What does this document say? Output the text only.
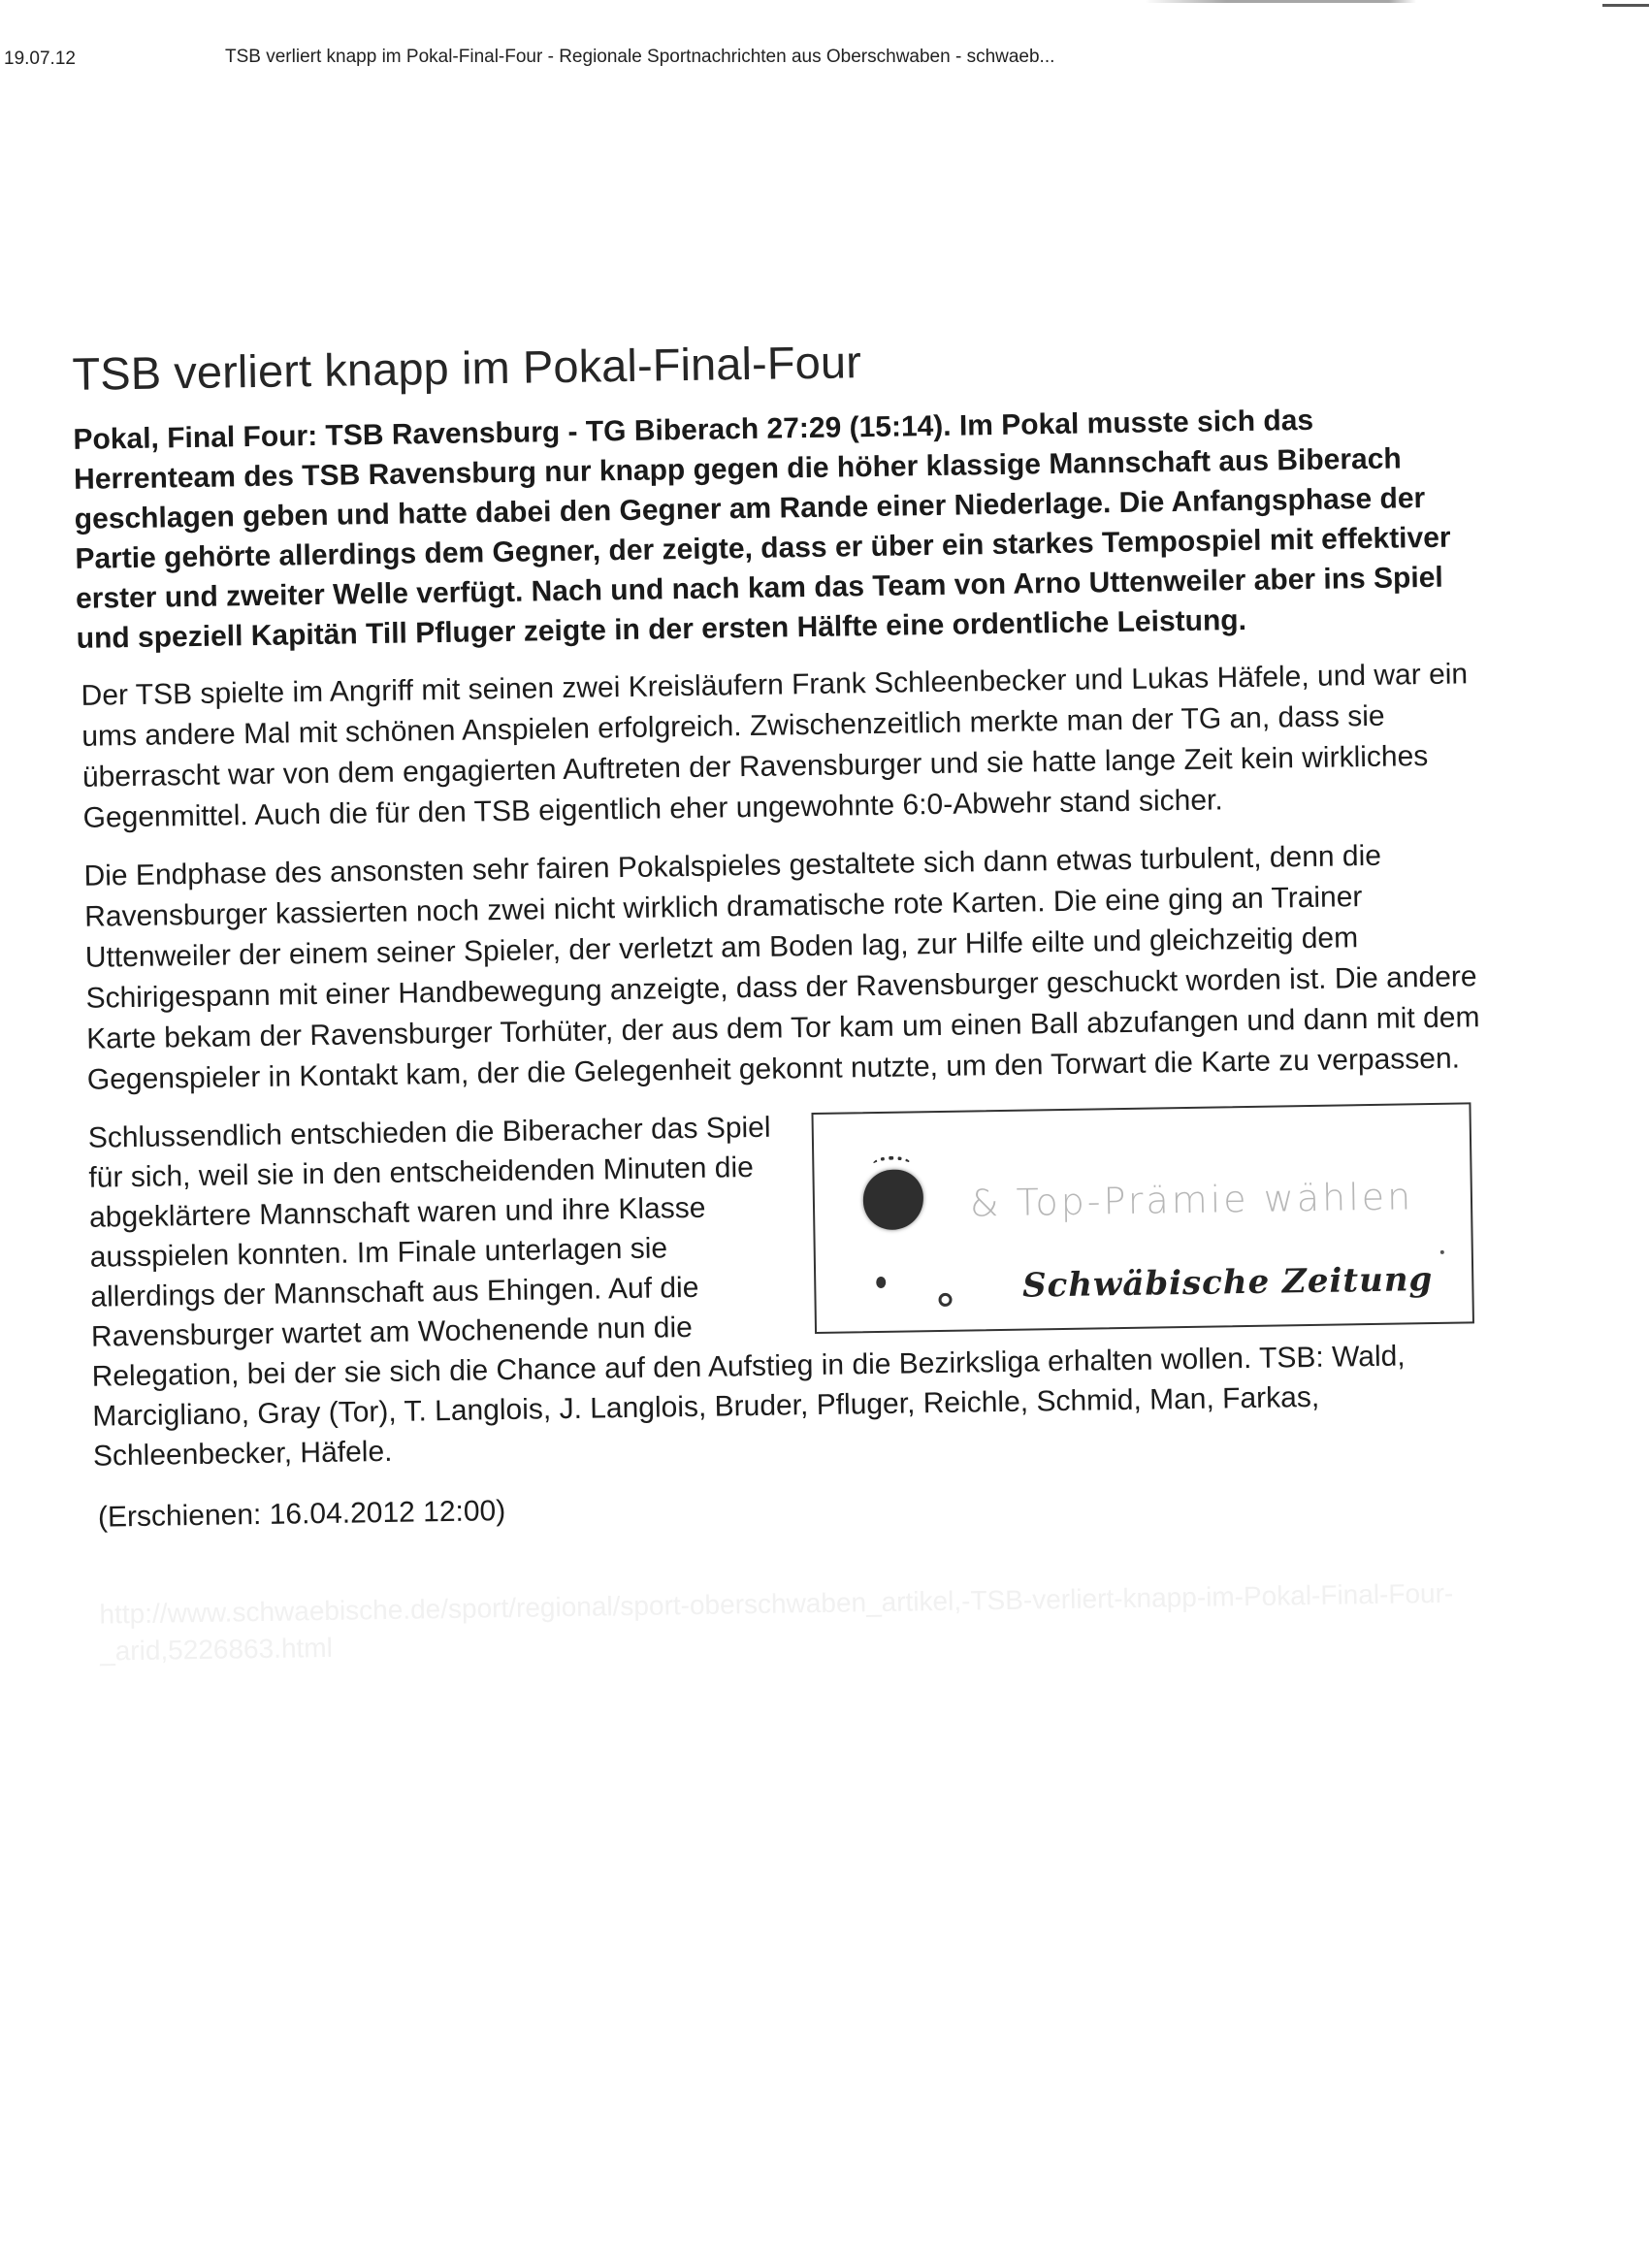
19.07.12	TSB verliert knapp im Pokal-Final-Four - Regionale Sportnachrichten aus Oberschwaben - schwaeb...
TSB verliert knapp im Pokal-Final-Four

Pokal, Final Four: TSB Ravensburg - TG Biberach 27:29 (15:14). Im Pokal musste sich das Herrenteam des TSB Ravensburg nur knapp gegen die höher klassige Mannschaft aus Biberach geschlagen geben und hatte dabei den Gegner am Rande einer Niederlage. Die Anfangsphase der Partie gehörte allerdings dem Gegner, der zeigte, dass er über ein starkes Tempospiel mit effektiver erster und zweiter Welle verfügt. Nach und nach kam das Team von Arno Uttenweiler aber ins Spiel und speziell Kapitän Till Pfluger zeigte in der ersten Hälfte eine ordentliche Leistung.

Der TSB spielte im Angriff mit seinen zwei Kreisläufern Frank Schleenbecker und Lukas Häfele, und war ein ums andere Mal mit schönen Anspielen erfolgreich. Zwischenzeitlich merkte man der TG an, dass sie überrascht war von dem engagierten Auftreten der Ravensburger und sie hatte lange Zeit kein wirkliches Gegenmittel. Auch die für den TSB eigentlich eher ungewohnte 6:0-Abwehr stand sicher.

Die Endphase des ansonsten sehr fairen Pokalspieles gestaltete sich dann etwas turbulent, denn die Ravensburger kassierten noch zwei nicht wirklich dramatische rote Karten. Die eine ging an Trainer Uttenweiler der einem seiner Spieler, der verletzt am Boden lag, zur Hilfe eilte und gleichzeitig dem Schirigespann mit einer Handbewegung anzeigte, dass der Ravensburger geschuckt worden ist. Die andere Karte bekam der Ravensburger Torhüter, der aus dem Tor kam um einen Ball abzufangen und dann mit dem Gegenspieler in Kontakt kam, der die Gelegenheit gekonnt nutzte, um den Torwart die Karte zu verpassen.

& Top-Prämie wählen
Schwäbische Zeitung

Schlussendlich entschieden die Biberacher das Spiel für sich, weil sie in den entscheidenden Minuten die abgeklärtere Mannschaft waren und ihre Klasse ausspielen konnten. Im Finale unterlagen sie allerdings der Mannschaft aus Ehingen. Auf die Ravensburger wartet am Wochenende nun die Relegation, bei der sie sich die Chance auf den Aufstieg in die Bezirksliga erhalten wollen. TSB: Wald, Marcigliano, Gray (Tor), T. Langlois, J. Langlois, Bruder, Pfluger, Reichle, Schmid, Man, Farkas, Schleenbecker, Häfele.

(Erschienen: 16.04.2012 12:00)

http://www.schwaebische.de/sport/regional/sport-oberschwaben_artikel,-TSB-verliert-knapp-im-Pokal-Final-Four-_arid,5226863.html
